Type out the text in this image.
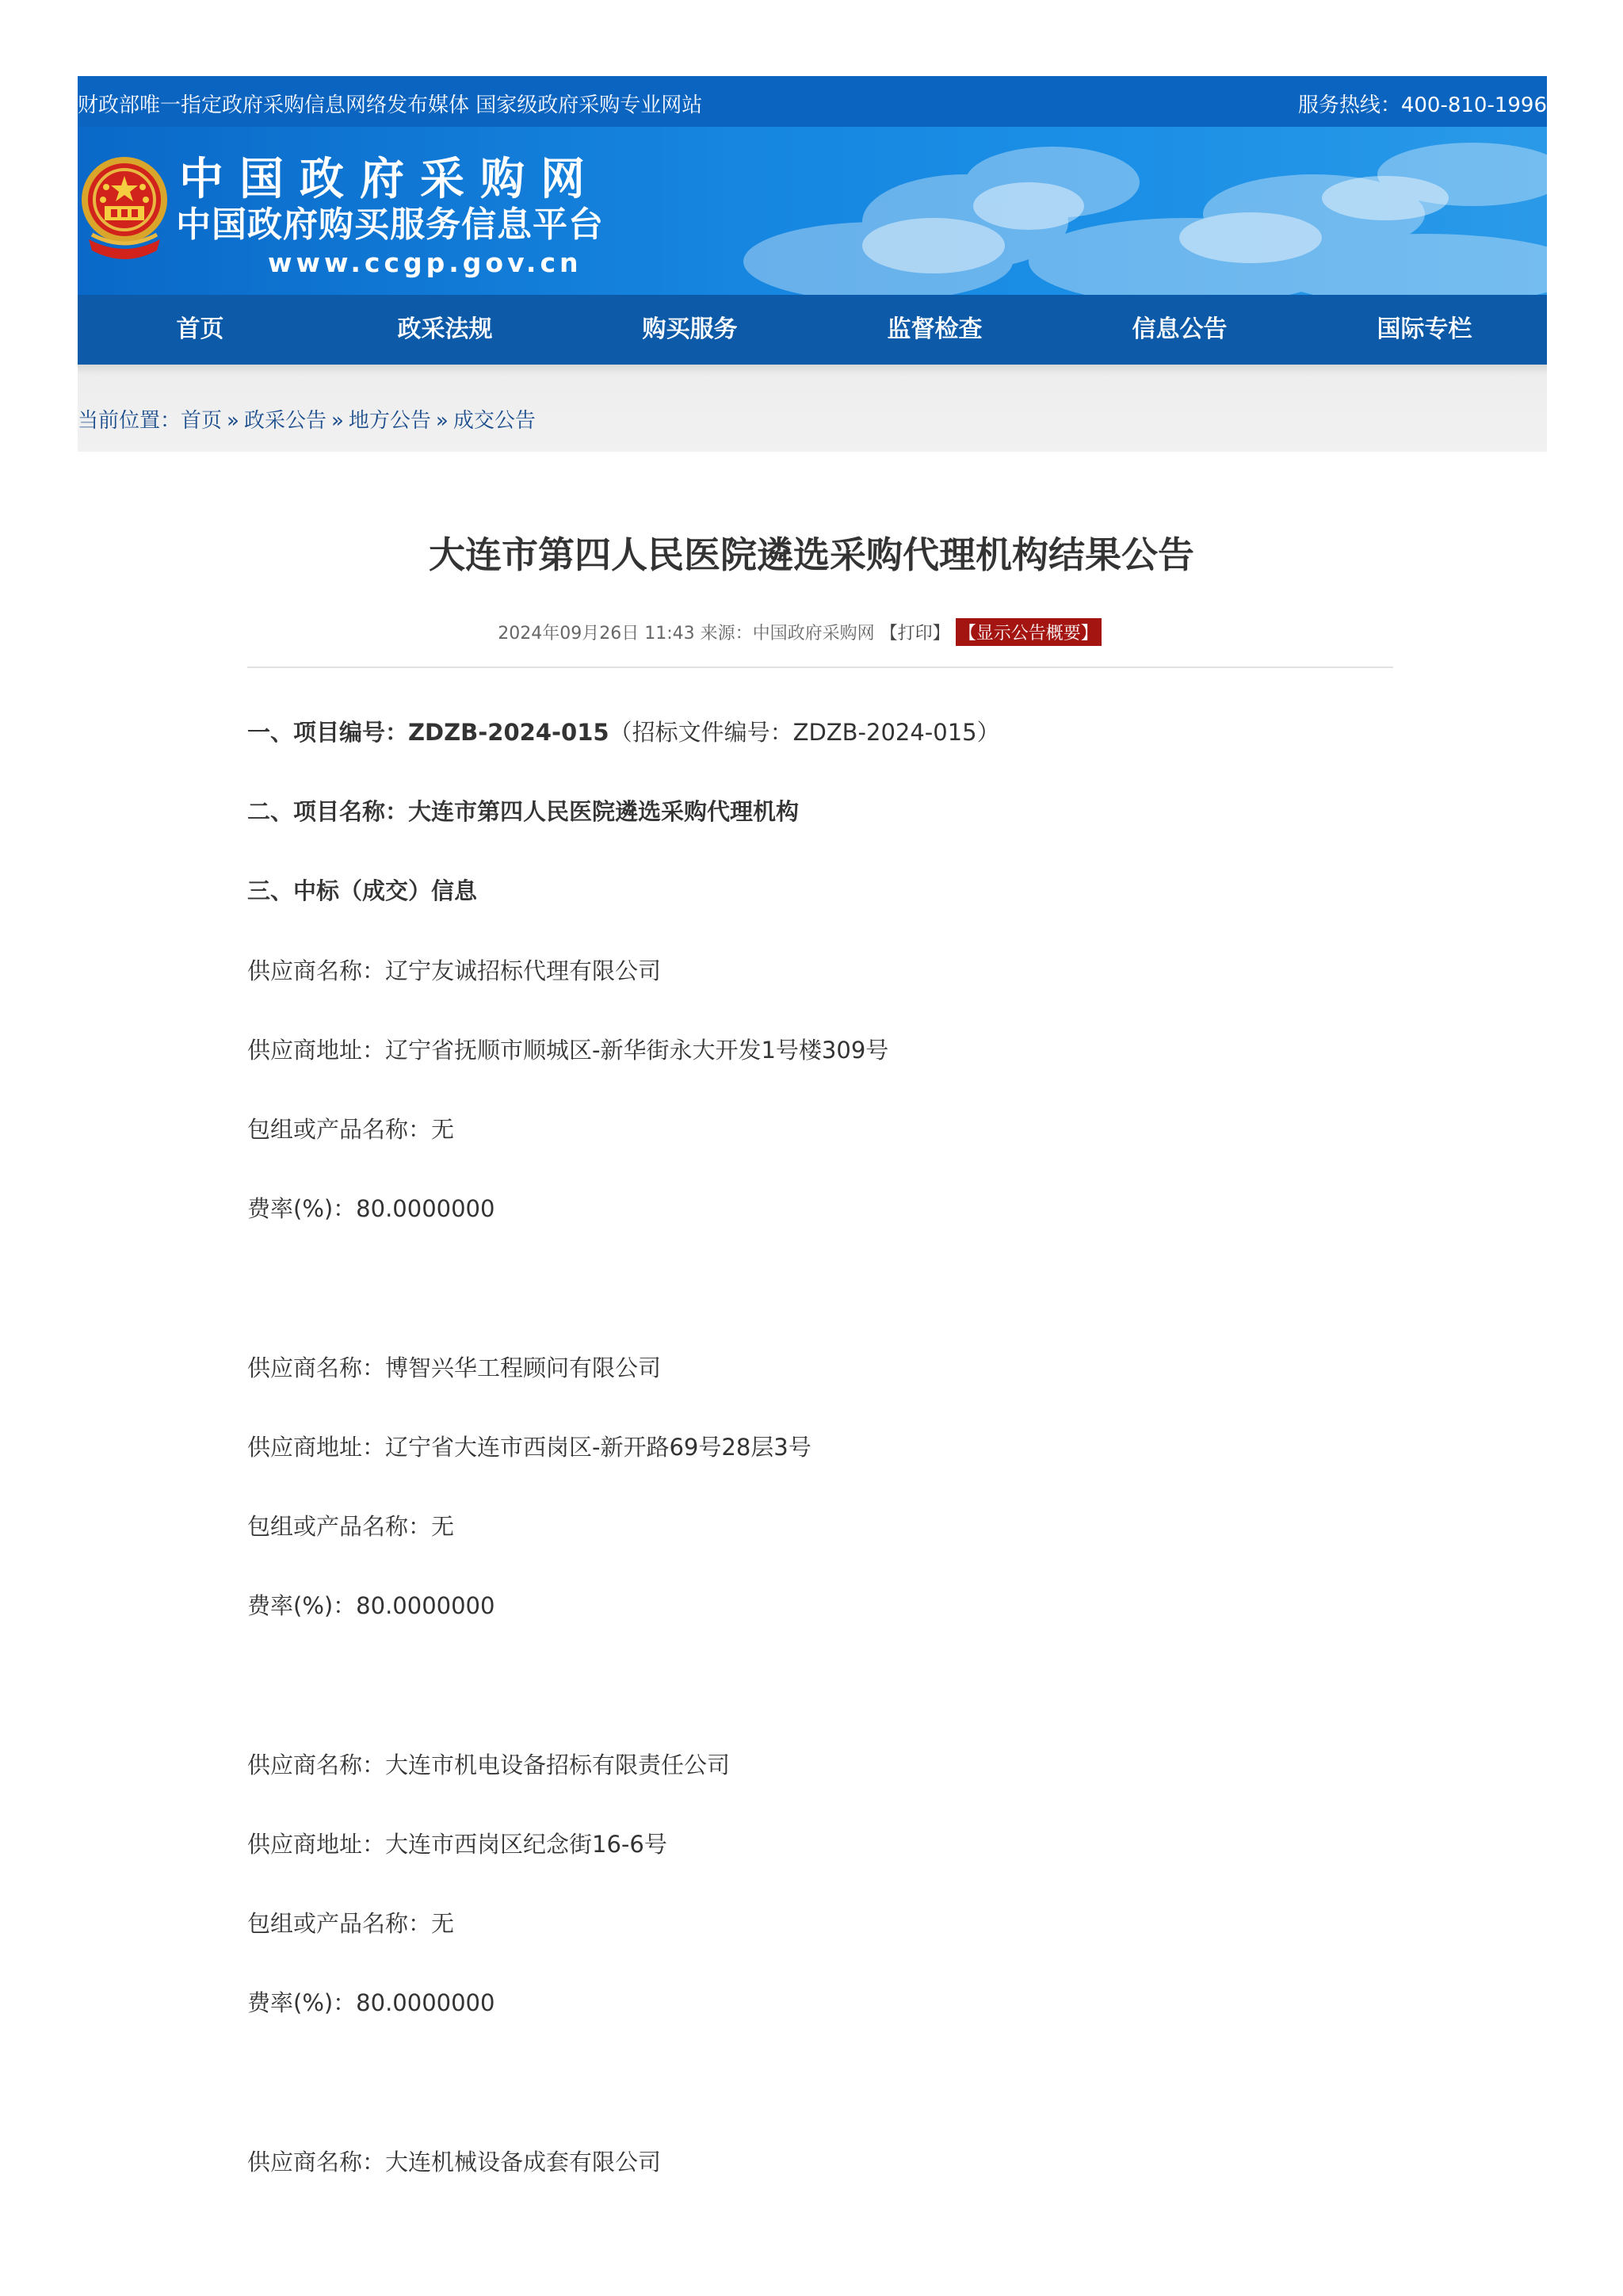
财政部唯一指定政府采购信息网络发布媒体 国家级政府采购专业网站	服务热线：400-810-1996
中国政府采购网
中国政府购买服务信息平台
www.ccgp.gov.cn
首页	政采法规	购买服务	监督检查	信息公告	国际专栏
当前位置：首页 » 政采公告 » 地方公告 » 成交公告
大连市第四人民医院遴选采购代理机构结果公告
2024年09月26日 11:43 来源：中国政府采购网 【打印】 【显示公告概要】
一、项目编号：ZDZB-2024-015（招标文件编号：ZDZB-2024-015）
二、项目名称：大连市第四人民医院遴选采购代理机构
三、中标（成交）信息
供应商名称：辽宁友诚招标代理有限公司
供应商地址：辽宁省抚顺市顺城区-新华街永大开发1号楼309号
包组或产品名称：无
费率(%)：80.0000000
供应商名称：博智兴华工程顾问有限公司
供应商地址：辽宁省大连市西岗区-新开路69号28层3号
包组或产品名称：无
费率(%)：80.0000000
供应商名称：大连市机电设备招标有限责任公司
供应商地址：大连市西岗区纪念街16-6号
包组或产品名称：无
费率(%)：80.0000000
供应商名称：大连机械设备成套有限公司
